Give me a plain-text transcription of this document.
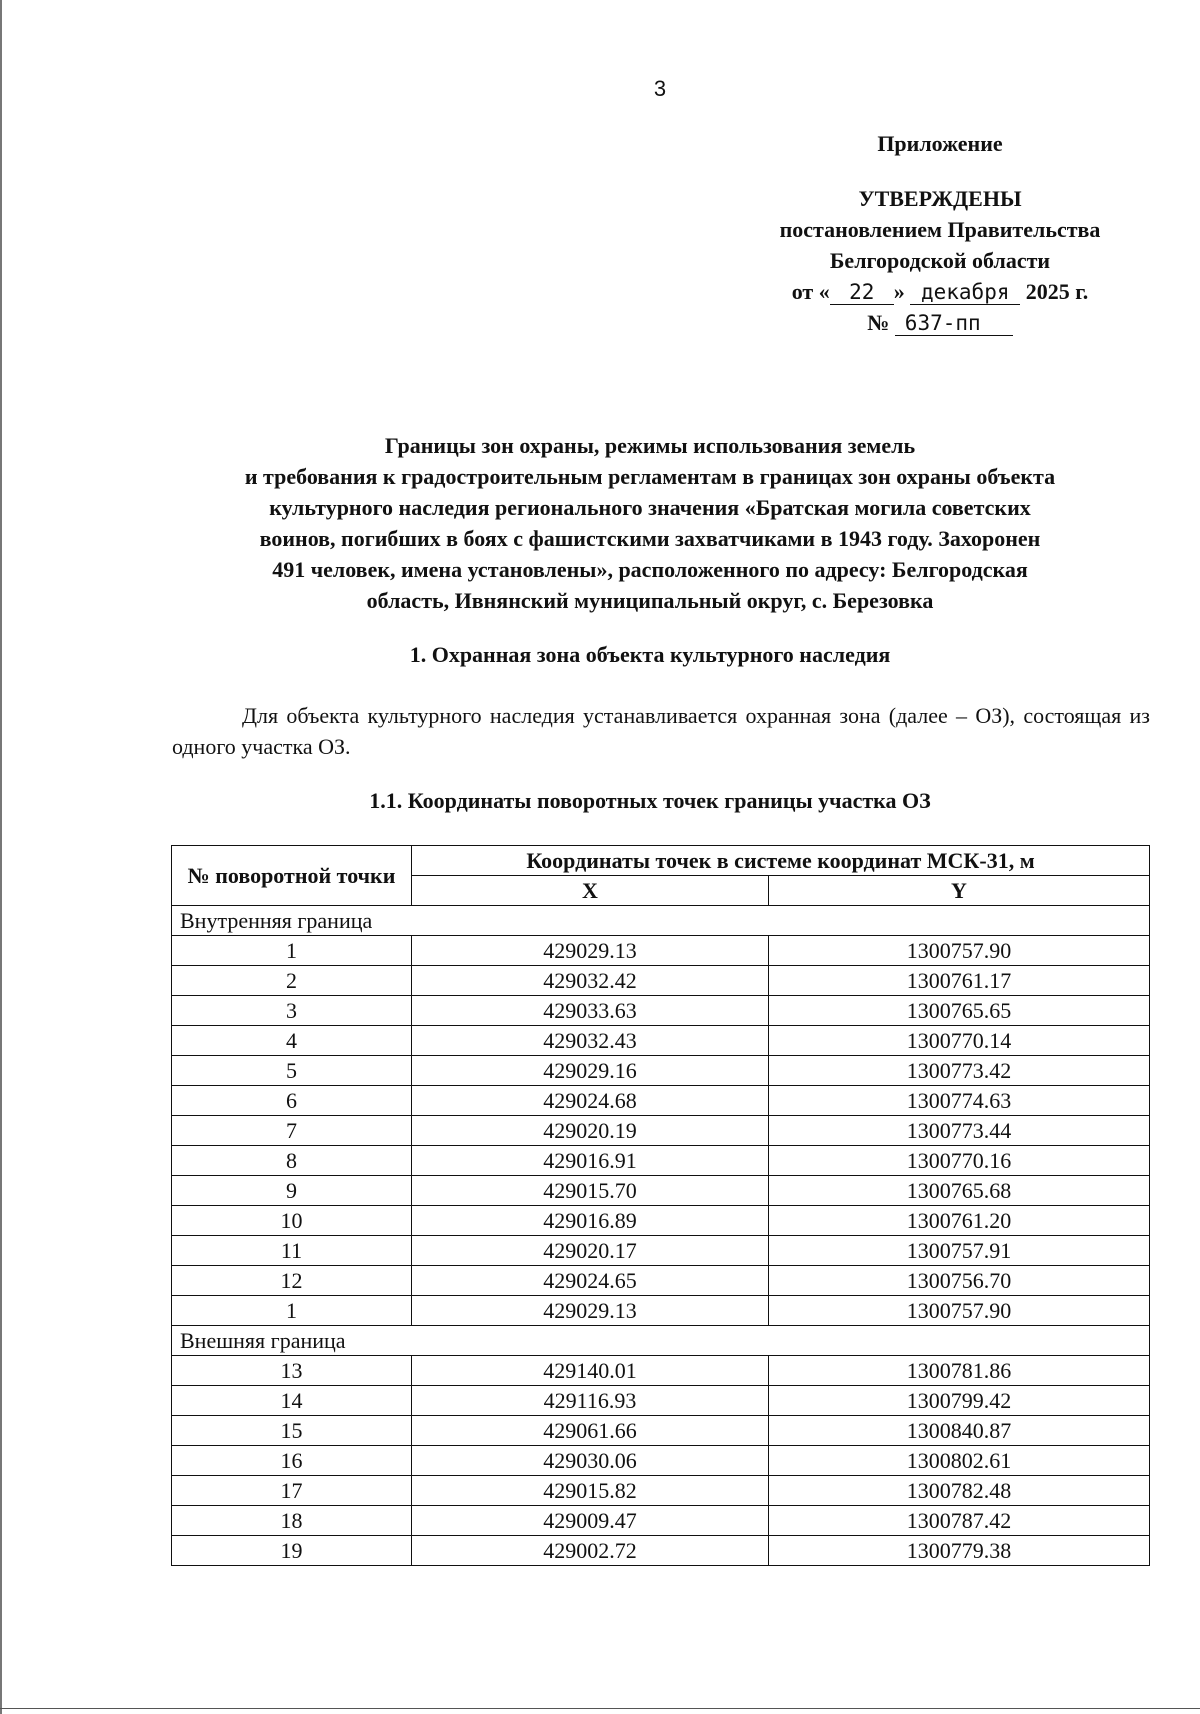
3
Приложение
УТВЕРЖДЕНЫ
постановлением Правительства
Белгородской области
от « 22 » декабря 2025 г.
№ 637-пп
Границы зон охраны, режимы использования земель
и требования к градостроительным регламентам в границах зон охраны объекта
культурного наследия регионального значения «Братская могила советских
воинов, погибших в боях с фашистскими захватчиками в 1943 году. Захоронен
491 человек, имена установлены», расположенного по адресу: Белгородская
область, Ивнянский муниципальный округ, с. Березовка
1. Охранная зона объекта культурного наследия
Для объекта культурного наследия устанавливается охранная зона (далее – ОЗ), состоящая из одного участка ОЗ.
1.1. Координаты поворотных точек границы участка ОЗ
№ поворотной точки	Координаты точек в системе координат МСК-31, м	
	X	Y
Внутренняя граница		
1	429029.13	1300757.90
2	429032.42	1300761.17
3	429033.63	1300765.65
4	429032.43	1300770.14
5	429029.16	1300773.42
6	429024.68	1300774.63
7	429020.19	1300773.44
8	429016.91	1300770.16
9	429015.70	1300765.68
10	429016.89	1300761.20
11	429020.17	1300757.91
12	429024.65	1300756.70
1	429029.13	1300757.90
Внешняя граница		
13	429140.01	1300781.86
14	429116.93	1300799.42
15	429061.66	1300840.87
16	429030.06	1300802.61
17	429015.82	1300782.48
18	429009.47	1300787.42
19	429002.72	1300779.38
